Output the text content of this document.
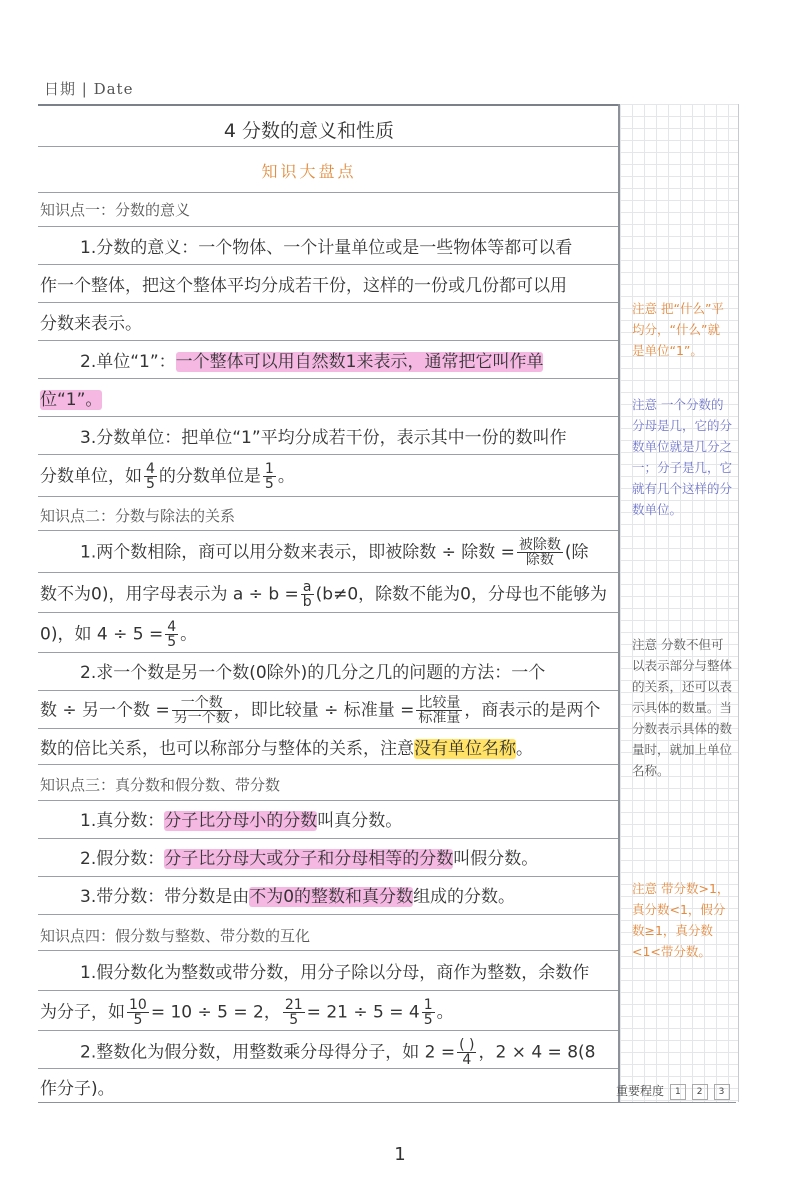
日期 | Date
4 分数的意义和性质
知识大盘点
知识点一：分数的意义
1.分数的意义：一个物体、一个计量单位或是一些物体等都可以看
作一个整体，把这个整体平均分成若干份，这样的一份或几份都可以用
分数来表示。
2.单位“1”：一个整体可以用自然数1来表示，通常把它叫作单
位“1”。
3.分数单位：把单位“1”平均分成若干份，表示其中一份的数叫作
分数单位，如 $\frac{4}{5}$ 的分数单位是 $\frac{1}{5}$ 。
知识点二：分数与除法的关系
1.两个数相除，商可以用分数来表示，即被除数 ÷ 除数 = $\frac{\text{被除数}}{\text{除数}}$ (除
数不为0)，用字母表示为 $a \div b = \frac{a}{b} (b\ne 0$，除数不能为0，分母也不能够为
0)，如 $4 \div 5 = \frac{4}{5}$ 。
2.求一个数是另一个数(0除外)的几分之几的问题的方法：一个
数 ÷ 另一个数 = $\frac{\text{一个数}}{\text{另一个数}}$ ，即比较量 ÷ 标准量 = $\frac{\text{比较量}}{\text{标准量}}$ ，商表示的是两个
数的倍比关系，也可以称部分与整体的关系，注意没有单位名称。
知识点三：真分数和假分数、带分数
1.真分数：分子比分母小的分数叫真分数。
2.假分数：分子比分母大或分子和分母相等的分数叫假分数。
3.带分数：带分数是由不为0的整数和真分数组成的分数。
知识点四：假分数与整数、带分数的互化
1.假分数化为整数或带分数，用分子除以分母，商作为整数，余数作
为分子，如 $\frac{10}{5} = 10 \div 5 = 2$， $\frac{21}{5} = 21 \div 5 = 4 \frac{1}{5}$ 。
2.整数化为假分数，用整数乘分母得分子，如 $2 = \frac{( )}{4}$ ，2 × 4 = 8(8
作分子)。
注意 把“什么”平均分，“什么”就是单位“1”。
注意 一个分数的分母是几，它的分数单位就是几分之一；分子是几，它就有几个这样的分数单位。
注意 分数不但可以表示部分与整体的关系，还可以表示具体的数量。当分数表示具体的数量时，就加上单位名称。
注意 带分数>1，真分数<1，假分数≥1，真分数<1<带分数。
重要程度 1 2 3
1
